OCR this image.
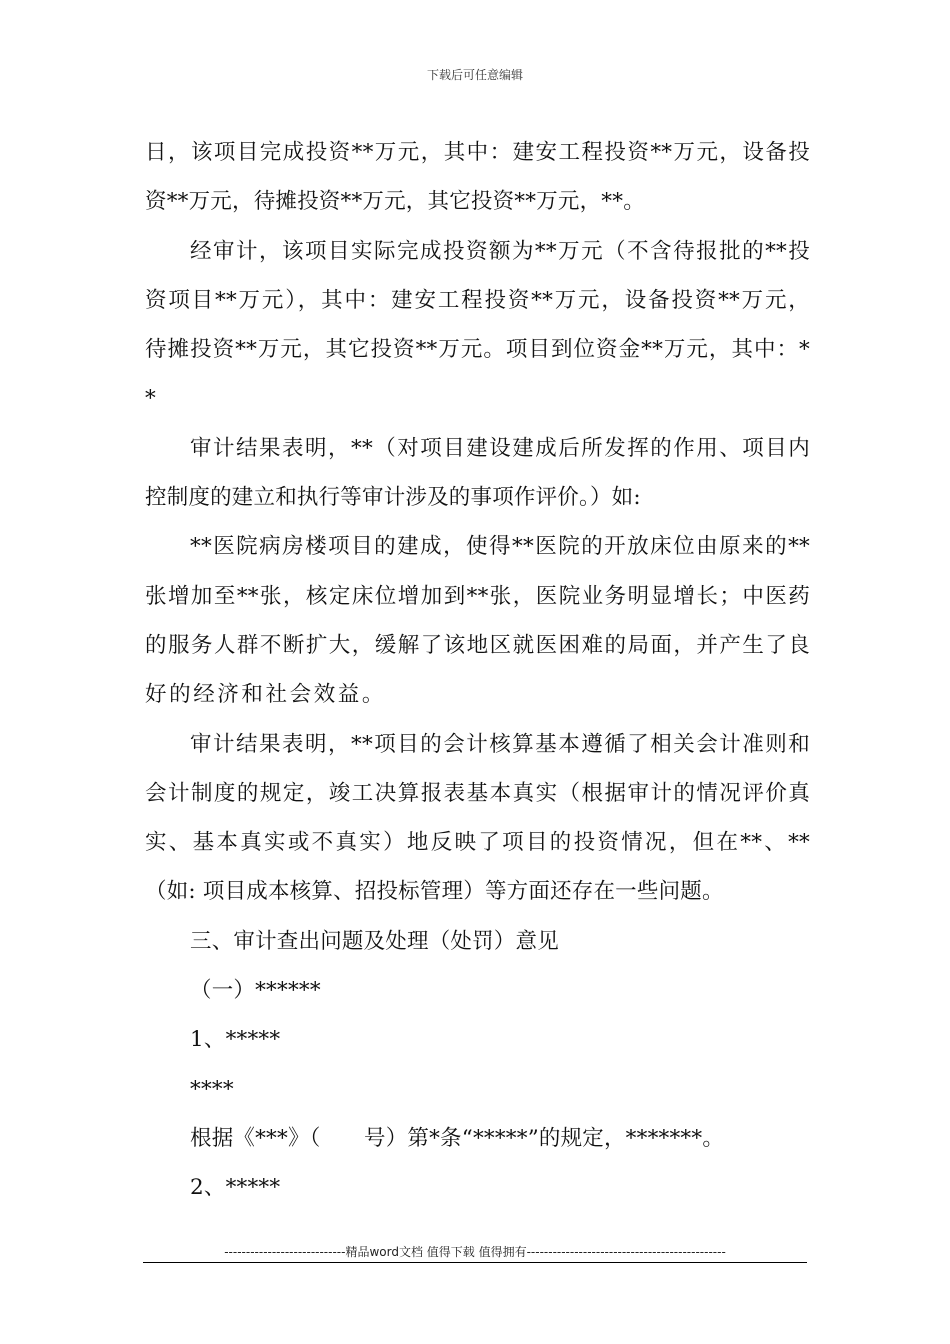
下载后可任意编辑
日，该项目完成投资**万元，其中：建安工程投资**万元，设备投
资**万元，待摊投资**万元，其它投资**万元，**。
经审计，该项目实际完成投资额为**万元（不含待报批的**投
资项目**万元），其中：建安工程投资**万元，设备投资**万元，
待摊投资**万元，其它投资**万元。项目到位资金**万元，其中：*
*
审计结果表明，**（对项目建设建成后所发挥的作用、项目内
控制度的建立和执行等审计涉及的事项作评价。）如:
**医院病房楼项目的建成，使得**医院的开放床位由原来的**
张增加至**张，核定床位增加到**张，医院业务明显增长；中医药
的服务人群不断扩大，缓解了该地区就医困难的局面，并产生了良
好的经济和社会效益。
审计结果表明，**项目的会计核算基本遵循了相关会计准则和
会计制度的规定，竣工决算报表基本真实（根据审计的情况评价真
实、基本真实或不真实）地反映了项目的投资情况，但在**、**
（如: 项目成本核算、招投标管理）等方面还存在一些问题。
三、审计查出问题及处理（处罚）意见
（一）******
1、*****
****
根据《***》（　　号）第*条“*****”的规定，*******。
2、*****
----------------------------精品word文档 值得下载 值得拥有----------------------------------------------
